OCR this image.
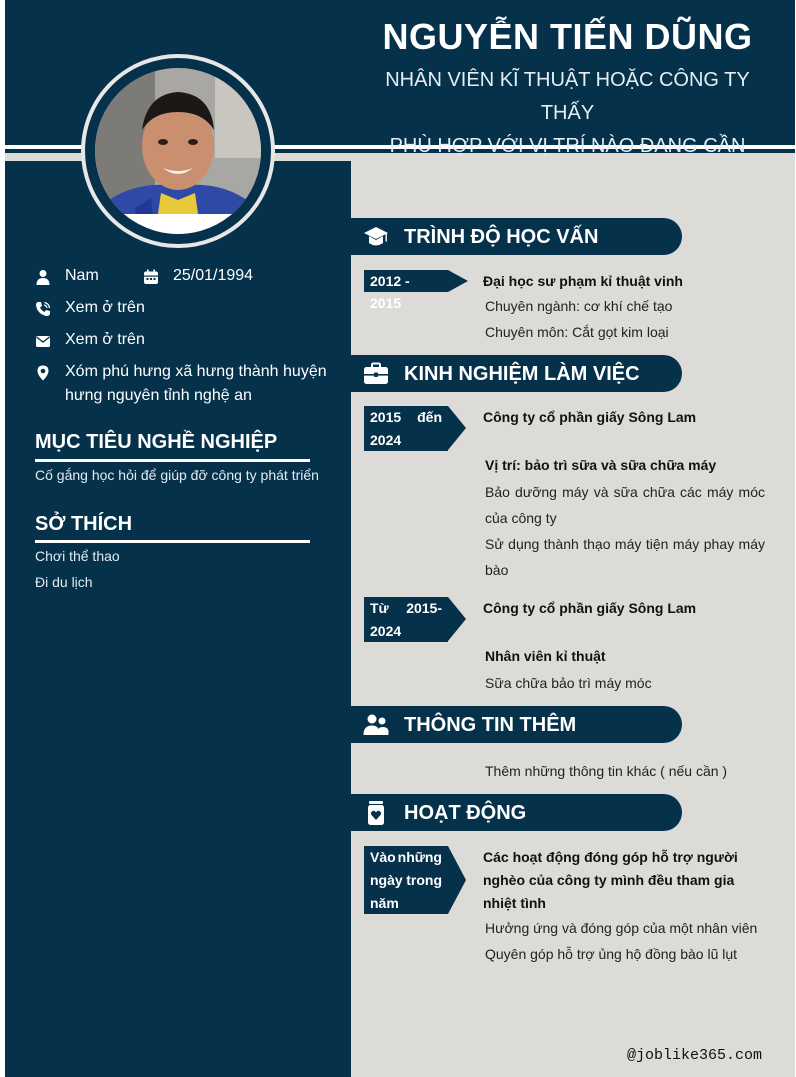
NGUYỄN TIẾN DŨNG
NHÂN VIÊN KĨ THUẬT HOẶC CÔNG TY THẤY
PHÙ HỢP VỚI VỊ TRÍ NÀO ĐANG CẦN
Nam	25/01/1994
Xem ở trên
Xem ở trên
Xóm phú hưng xã hưng thành huyện
hưng nguyên tỉnh nghệ an
MỤC TIÊU NGHỀ NGHIỆP
Cố gắng học hỏi để giúp đỡ công ty phát triển
SỞ THÍCH
Chơi thể thao
Đi du lịch
TRÌNH ĐỘ HỌC VẤN
2012 - 2015
Đại học sư phạm kỉ thuật vinh
Chuyên ngành: cơ khí chế tạo
Chuyên môn: Cắt gọt kim loại
KINH NGHIỆM LÀM VIỆC
2015 đến
2024
Công ty cổ phần giấy Sông Lam
Vị trí: bảo trì sữa và sữa chữa máy
Bảo dưỡng máy và sữa chữa các máy móc của công ty
Sử dụng thành thạo máy tiện máy phay máy bào
Từ 2015-
2024
Công ty cổ phần giấy Sông Lam
Nhân viên kỉ thuật
Sữa chữa bảo trì máy móc
THÔNG TIN THÊM
Thêm những thông tin khác ( nếu cần )
HOẠT ĐỘNG
Vào những
ngày trong
năm
Các hoạt động đóng góp hỗ trợ người nghèo của công ty mình đều tham gia nhiệt tình
Hưởng ứng và đóng góp của một nhân viên
Quyên góp hỗ trợ ủng hộ đồng bào lũ lụt
@joblike365.com
